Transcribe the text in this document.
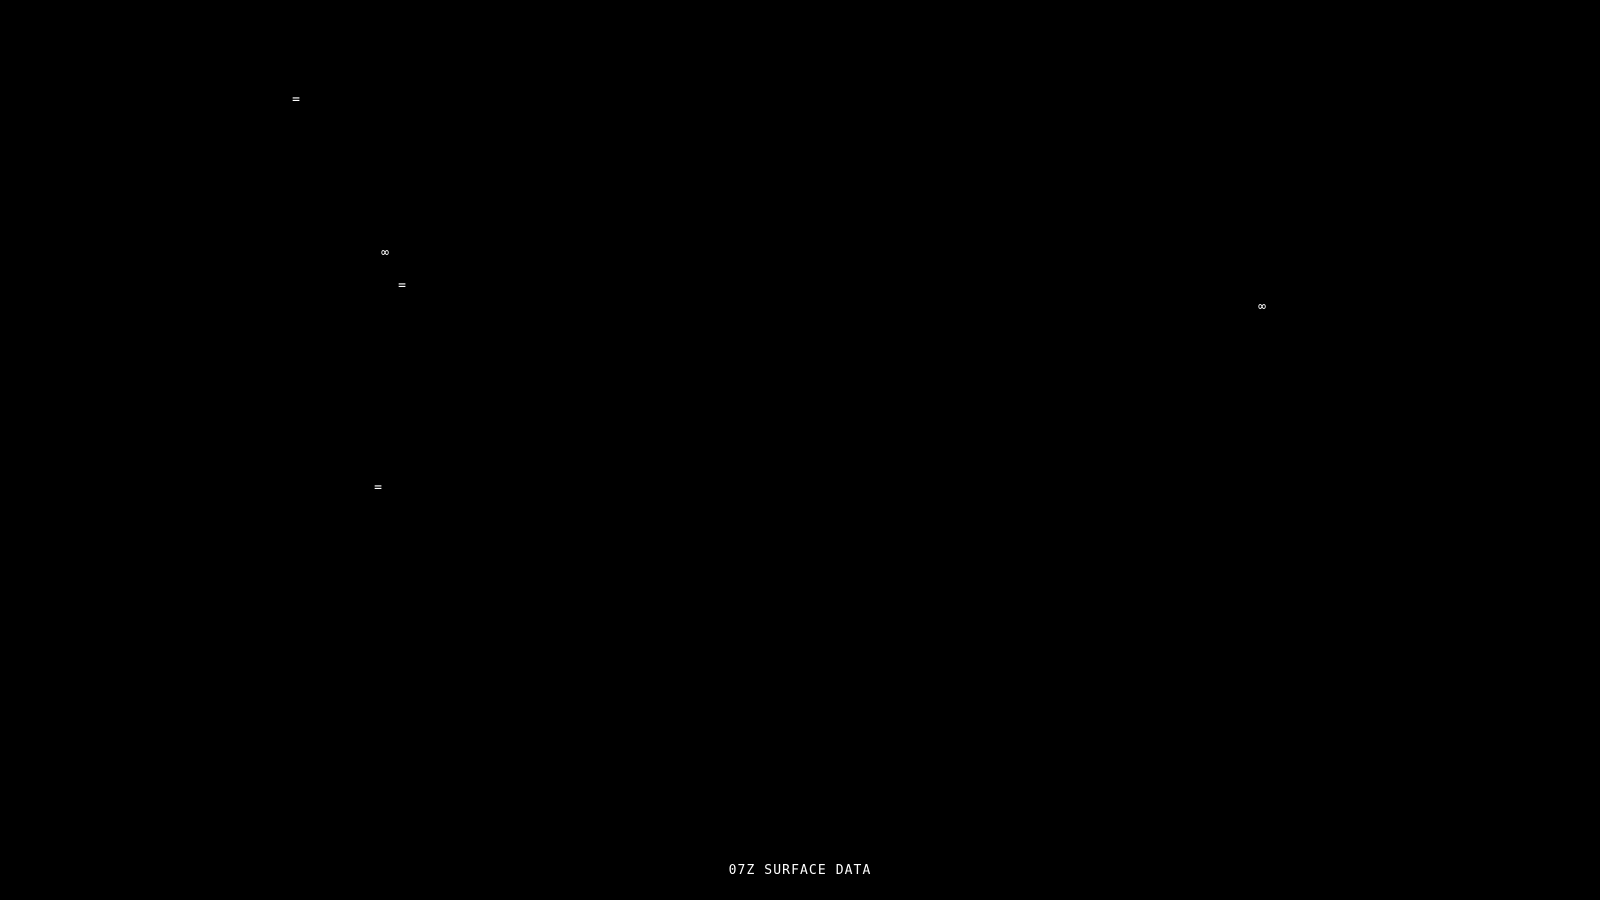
=
∞
=
∞
=
07Z SURFACE DATA
